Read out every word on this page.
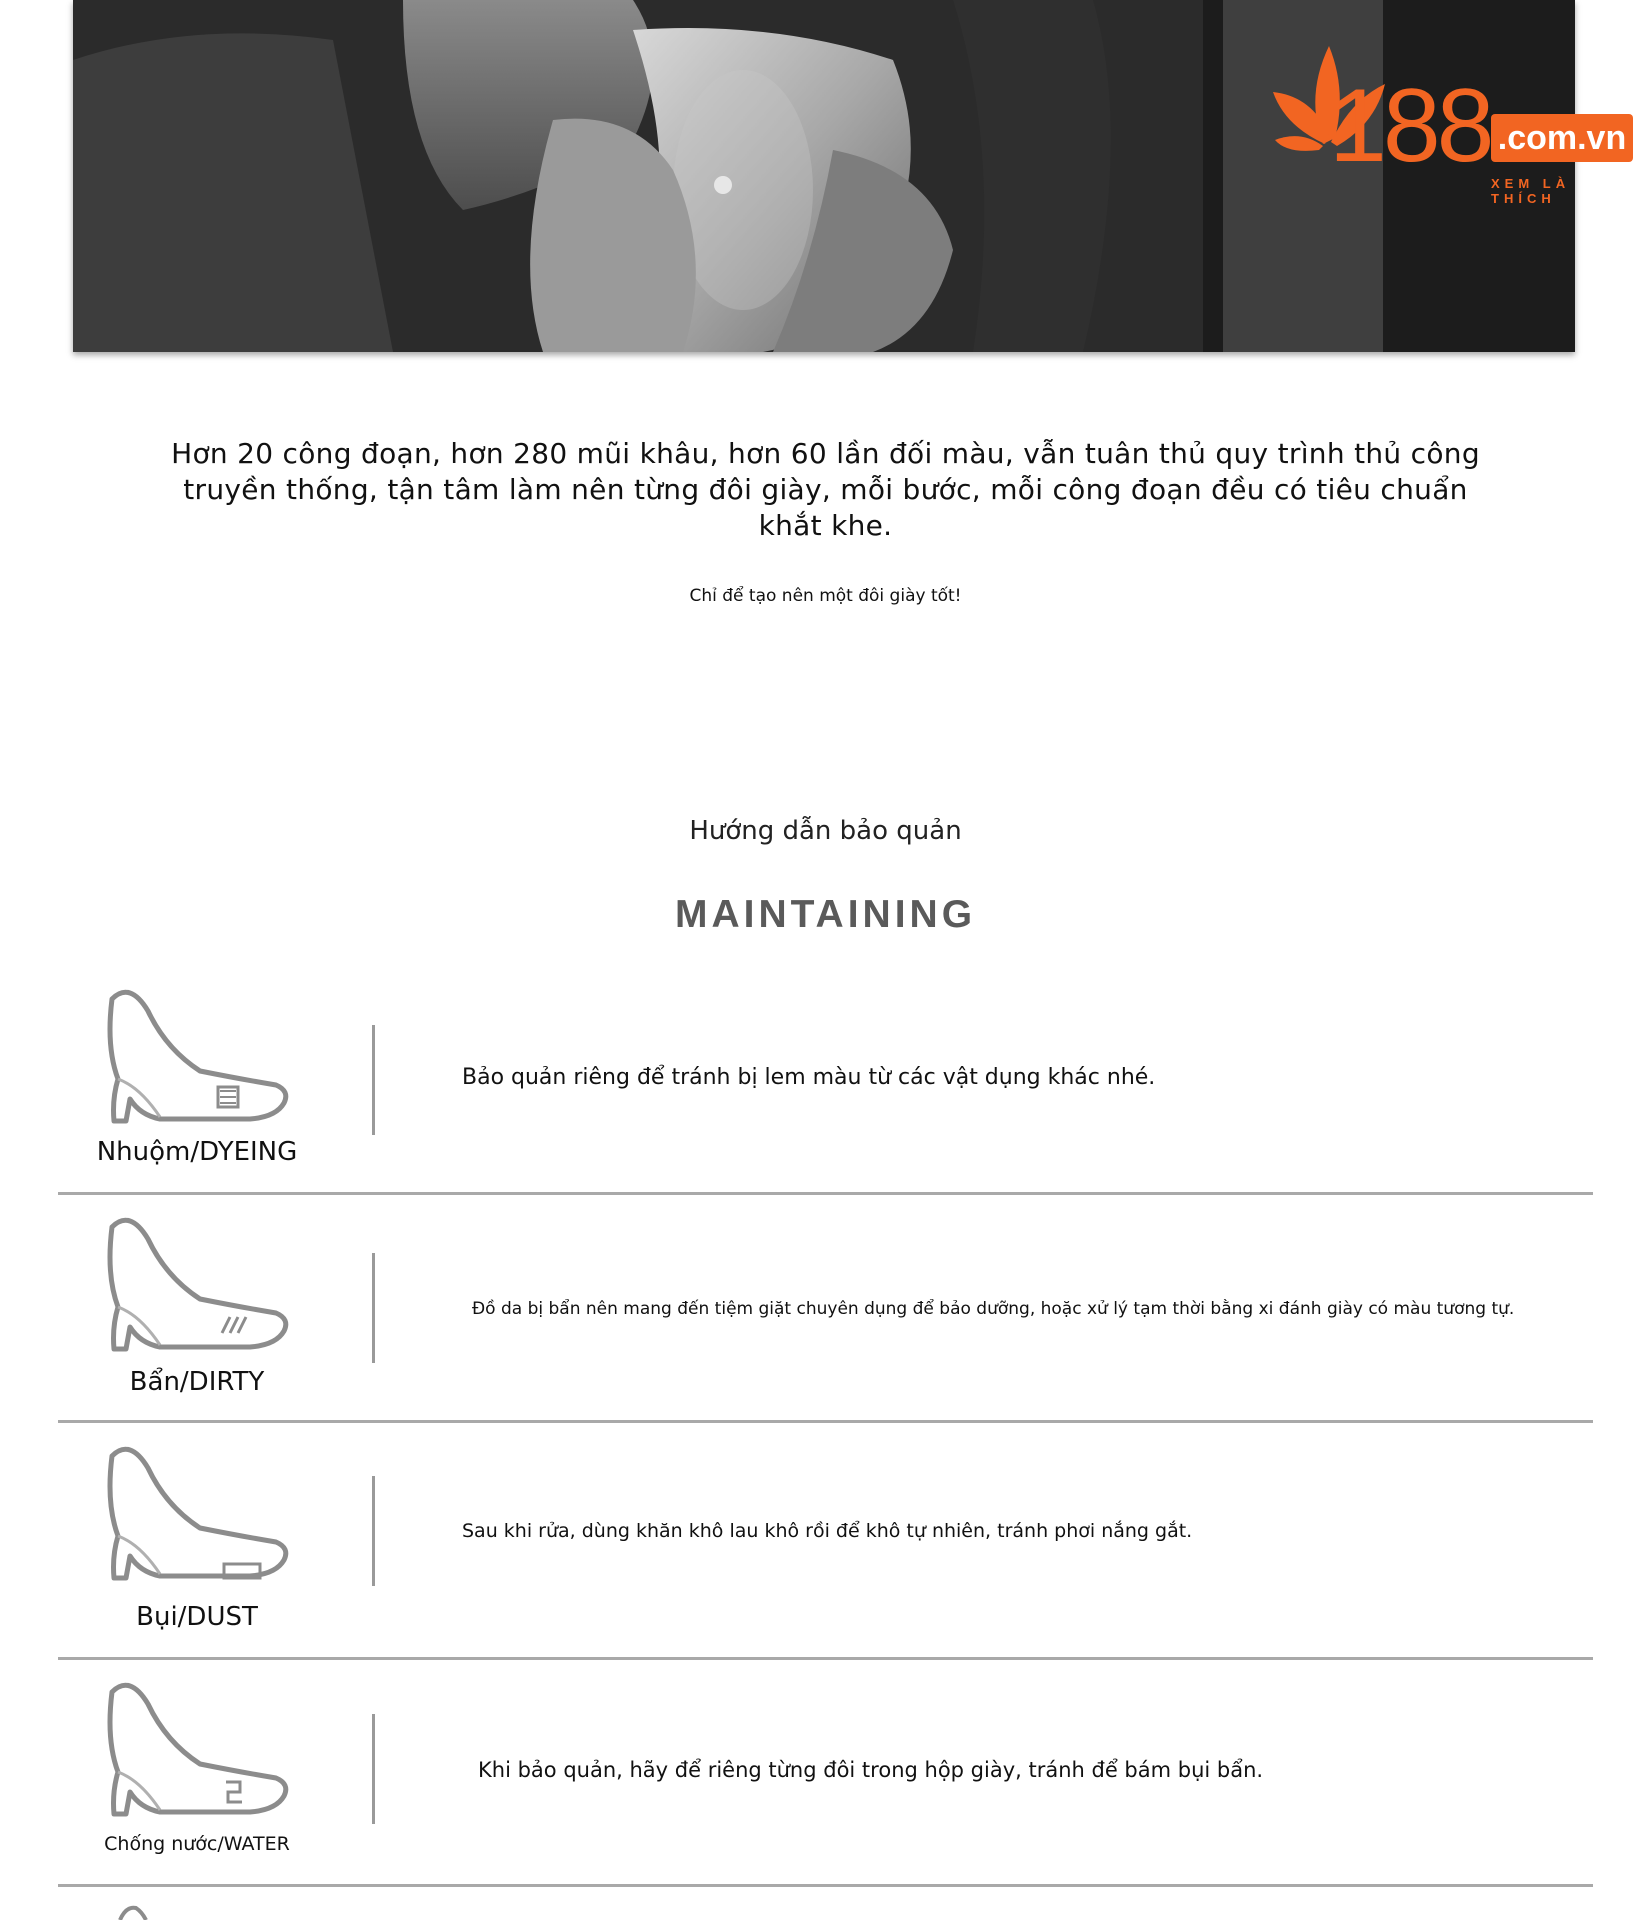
188 .com.vn
XEM LÀ THÍCH
Hơn 20 công đoạn, hơn 280 mũi khâu, hơn 60 lần đối màu, vẫn tuân thủ quy trình thủ công truyền thống, tận tâm làm nên từng đôi giày, mỗi bước, mỗi công đoạn đều có tiêu chuẩn khắt khe.
Chỉ để tạo nên một đôi giày tốt!
Hướng dẫn bảo quản
MAINTAINING
Nhuộm/DYEING
Bảo quản riêng để tránh bị lem màu từ các vật dụng khác nhé.
Bẩn/DIRTY
Đồ da bị bẩn nên mang đến tiệm giặt chuyên dụng để bảo dưỡng, hoặc xử lý tạm thời bằng xi đánh giày có màu tương tự.
Bụi/DUST
Sau khi rửa, dùng khăn khô lau khô rồi để khô tự nhiên, tránh phơi nắng gắt.
Chống nước/WATER
Khi bảo quản, hãy để riêng từng đôi trong hộp giày, tránh để bám bụi bẩn.
